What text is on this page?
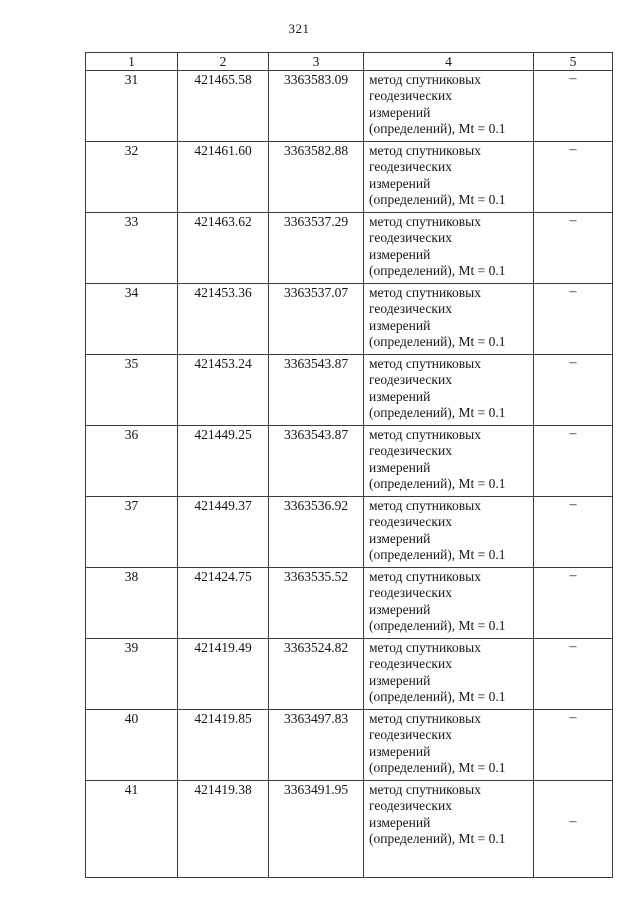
321
1	2	3	4	5
31	421465.58	3363583.09	метод спутниковых
геодезических
измерений
(определений), Mt = 0.1	–
32	421461.60	3363582.88	метод спутниковых
геодезических
измерений
(определений), Mt = 0.1	–
33	421463.62	3363537.29	метод спутниковых
геодезических
измерений
(определений), Mt = 0.1	–
34	421453.36	3363537.07	метод спутниковых
геодезических
измерений
(определений), Mt = 0.1	–
35	421453.24	3363543.87	метод спутниковых
геодезических
измерений
(определений), Mt = 0.1	–
36	421449.25	3363543.87	метод спутниковых
геодезических
измерений
(определений), Mt = 0.1	–
37	421449.37	3363536.92	метод спутниковых
геодезических
измерений
(определений), Mt = 0.1	–
38	421424.75	3363535.52	метод спутниковых
геодезических
измерений
(определений), Mt = 0.1	–
39	421419.49	3363524.82	метод спутниковых
геодезических
измерений
(определений), Mt = 0.1	–
40	421419.85	3363497.83	метод спутниковых
геодезических
измерений
(определений), Mt = 0.1	–
41	421419.38	3363491.95	метод спутниковых
геодезических
измерений
(определений), Mt = 0.1	–
